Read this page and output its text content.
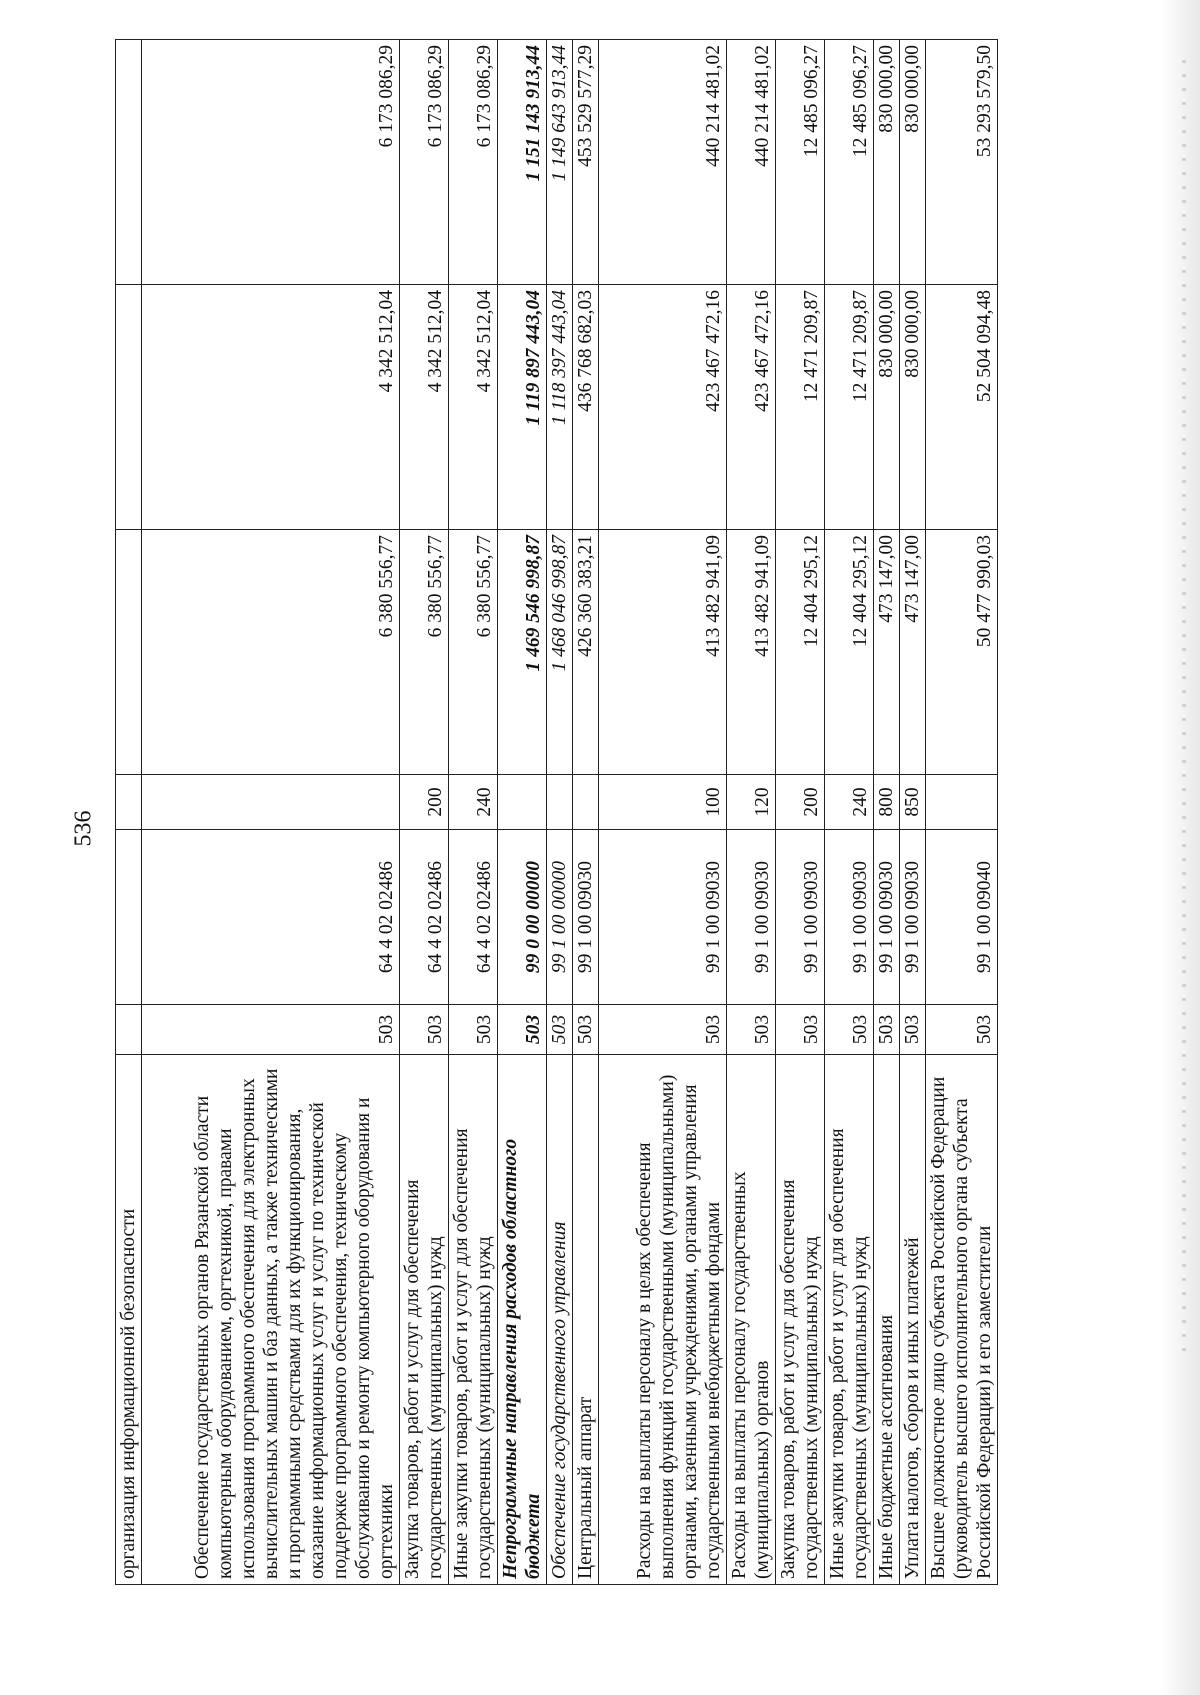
536
организация информационной безопасности						
Обеспечение государственных органов Рязанской области компьютерным оборудованием, оргтехникой, правами использования программного обеспечения для электронных вычислительных машин и баз данных, а также техническими и программными средствами для их функционирования, оказание информационных услуг и услуг по технической поддержке программного обеспечения, техническому обслуживанию и ремонту компьютерного оборудования и оргтехники	503	64 4 02 02486		6 380 556,77	4 342 512,04	6 173 086,29
Закупка товаров, работ и услуг для обеспечения государственных (муниципальных) нужд	503	64 4 02 02486	200	6 380 556,77	4 342 512,04	6 173 086,29
Иные закупки товаров, работ и услуг для обеспечения государственных (муниципальных) нужд	503	64 4 02 02486	240	6 380 556,77	4 342 512,04	6 173 086,29
Непрограммные направления расходов областного бюджета	503	99 0 00 00000		1 469 546 998,87	1 119 897 443,04	1 151 143 913,44
Обеспечение государственного управления	503	99 1 00 00000		1 468 046 998,87	1 118 397 443,04	1 149 643 913,44
Центральный аппарат	503	99 1 00 09030		426 360 383,21	436 768 682,03	453 529 577,29
Расходы на выплаты персоналу в целях обеспечения выполнения функций государственными (муниципальными) органами, казенными учреждениями, органами управления государственными внебюджетными фондами	503	99 1 00 09030	100	413 482 941,09	423 467 472,16	440 214 481,02
Расходы на выплаты персоналу государственных (муниципальных) органов	503	99 1 00 09030	120	413 482 941,09	423 467 472,16	440 214 481,02
Закупка товаров, работ и услуг для обеспечения государственных (муниципальных) нужд	503	99 1 00 09030	200	12 404 295,12	12 471 209,87	12 485 096,27
Иные закупки товаров, работ и услуг для обеспечения государственных (муниципальных) нужд	503	99 1 00 09030	240	12 404 295,12	12 471 209,87	12 485 096,27
Иные бюджетные ассигнования	503	99 1 00 09030	800	473 147,00	830 000,00	830 000,00
Уплата налогов, сборов и иных платежей	503	99 1 00 09030	850	473 147,00	830 000,00	830 000,00
Высшее должностное лицо субъекта Российской Федерации (руководитель высшего исполнительного органа субъекта Российской Федерации) и его заместители	503	99 1 00 09040		50 477 990,03	52 504 094,48	53 293 579,50
